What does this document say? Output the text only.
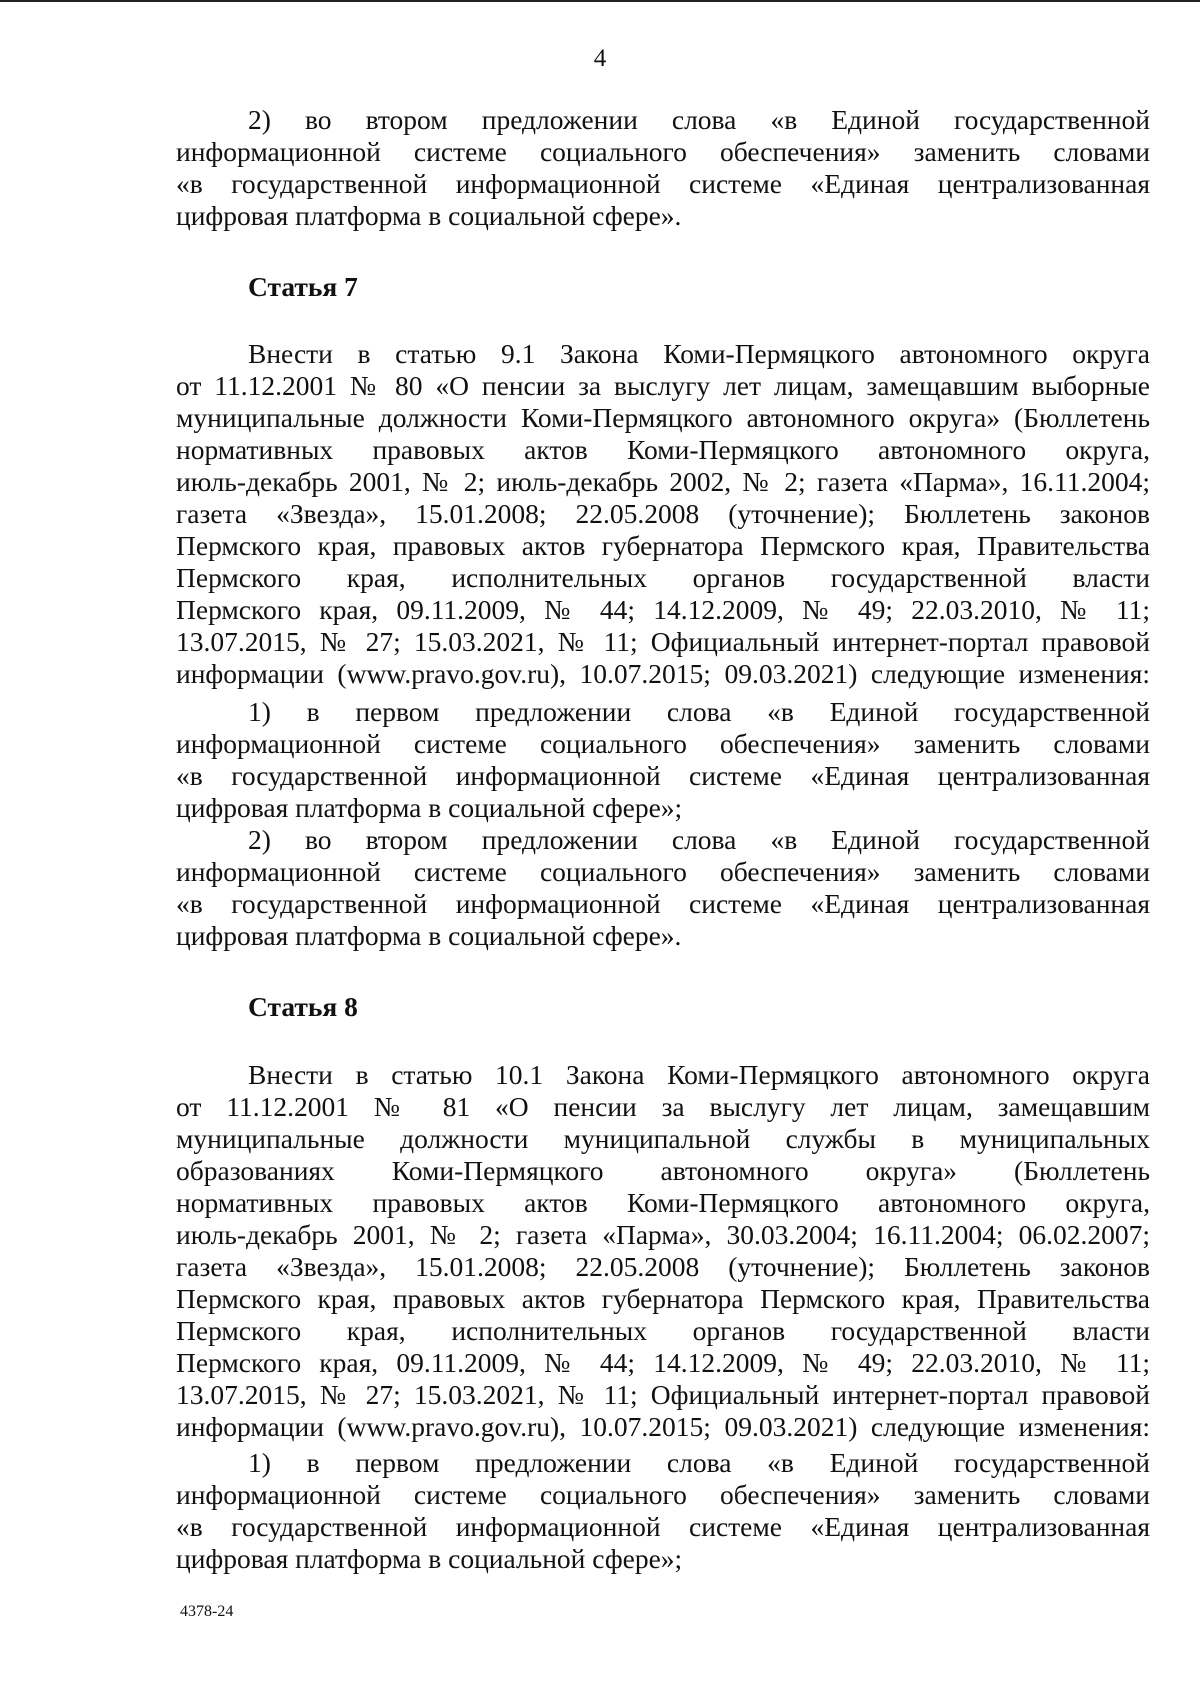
4
2) во втором предложении слова «в Единой государственной
информационной системе социального обеспечения» заменить словами
«в государственной информационной системе «Единая централизованная
цифровая платформа в социальной сфере».
Статья 7
Внести в статью 9.1 Закона Коми-Пермяцкого автономного округа
от 11.12.2001 № 80 «О пенсии за выслугу лет лицам, замещавшим выборные
муниципальные должности Коми-Пермяцкого автономного округа» (Бюллетень
нормативных правовых актов Коми-Пермяцкого автономного округа,
июль-декабрь 2001, № 2; июль-декабрь 2002, № 2; газета «Парма», 16.11.2004;
газета «Звезда», 15.01.2008; 22.05.2008 (уточнение); Бюллетень законов
Пермского края, правовых актов губернатора Пермского края, Правительства
Пермского края, исполнительных органов государственной власти
Пермского края, 09.11.2009, № 44; 14.12.2009, № 49; 22.03.2010, № 11;
13.07.2015, № 27; 15.03.2021, № 11; Официальный интернет-портал правовой
информации (www.pravo.gov.ru), 10.07.2015; 09.03.2021) следующие изменения:
1) в первом предложении слова «в Единой государственной
информационной системе социального обеспечения» заменить словами
«в государственной информационной системе «Единая централизованная
цифровая платформа в социальной сфере»;
2) во втором предложении слова «в Единой государственной
информационной системе социального обеспечения» заменить словами
«в государственной информационной системе «Единая централизованная
цифровая платформа в социальной сфере».
Статья 8
Внести в статью 10.1 Закона Коми-Пермяцкого автономного округа
от 11.12.2001 № 81 «О пенсии за выслугу лет лицам, замещавшим
муниципальные должности муниципальной службы в муниципальных
образованиях Коми-Пермяцкого автономного округа» (Бюллетень
нормативных правовых актов Коми-Пермяцкого автономного округа,
июль-декабрь 2001, № 2; газета «Парма», 30.03.2004; 16.11.2004; 06.02.2007;
газета «Звезда», 15.01.2008; 22.05.2008 (уточнение); Бюллетень законов
Пермского края, правовых актов губернатора Пермского края, Правительства
Пермского края, исполнительных органов государственной власти
Пермского края, 09.11.2009, № 44; 14.12.2009, № 49; 22.03.2010, № 11;
13.07.2015, № 27; 15.03.2021, № 11; Официальный интернет-портал правовой
информации (www.pravo.gov.ru), 10.07.2015; 09.03.2021) следующие изменения:
1) в первом предложении слова «в Единой государственной
информационной системе социального обеспечения» заменить словами
«в государственной информационной системе «Единая централизованная
цифровая платформа в социальной сфере»;
4378-24
